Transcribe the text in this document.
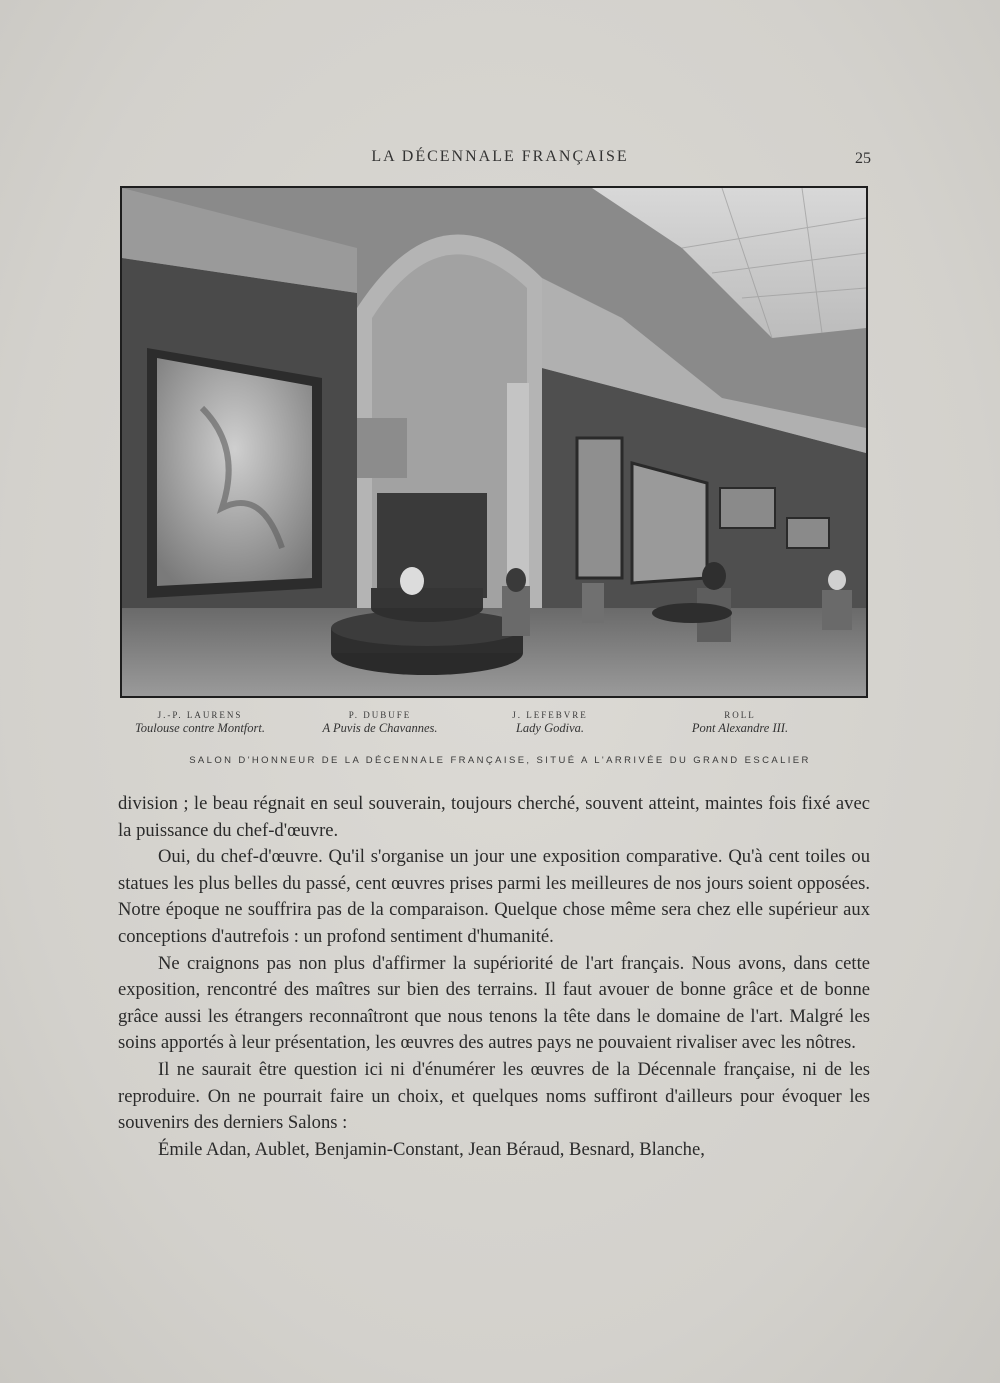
LA DÉCENNALE FRANÇAISE	25
J.-P. LAURENS
Toulouse contre Montfort.
P. DUBUFE
A Puvis de Chavannes.
J. LEFEBVRE
Lady Godiva.
ROLL
Pont Alexandre III.
SALON D'HONNEUR DE LA DÉCENNALE FRANÇAISE, SITUÉ A L'ARRIVÉE DU GRAND ESCALIER

division ; le beau régnait en seul souverain, toujours cherché, souvent atteint, maintes fois fixé avec la puissance du chef-d'œuvre.

Oui, du chef-d'œuvre. Qu'il s'organise un jour une exposition comparative. Qu'à cent toiles ou statues les plus belles du passé, cent œuvres prises parmi les meilleures de nos jours soient opposées. Notre époque ne souffrira pas de la comparaison. Quelque chose même sera chez elle supérieur aux conceptions d'autrefois : un profond sentiment d'humanité.

Ne craignons pas non plus d'affirmer la supériorité de l'art français. Nous avons, dans cette exposition, rencontré des maîtres sur bien des terrains. Il faut avouer de bonne grâce et de bonne grâce aussi les étrangers reconnaîtront que nous tenons la tête dans le domaine de l'art. Malgré les soins apportés à leur présentation, les œuvres des autres pays ne pouvaient rivaliser avec les nôtres.

Il ne saurait être question ici ni d'énumérer les œuvres de la Décennale française, ni de les reproduire. On ne pourrait faire un choix, et quelques noms suffiront d'ailleurs pour évoquer les souvenirs des derniers Salons :

Émile Adan, Aublet, Benjamin-Constant, Jean Béraud, Besnard, Blanche,
